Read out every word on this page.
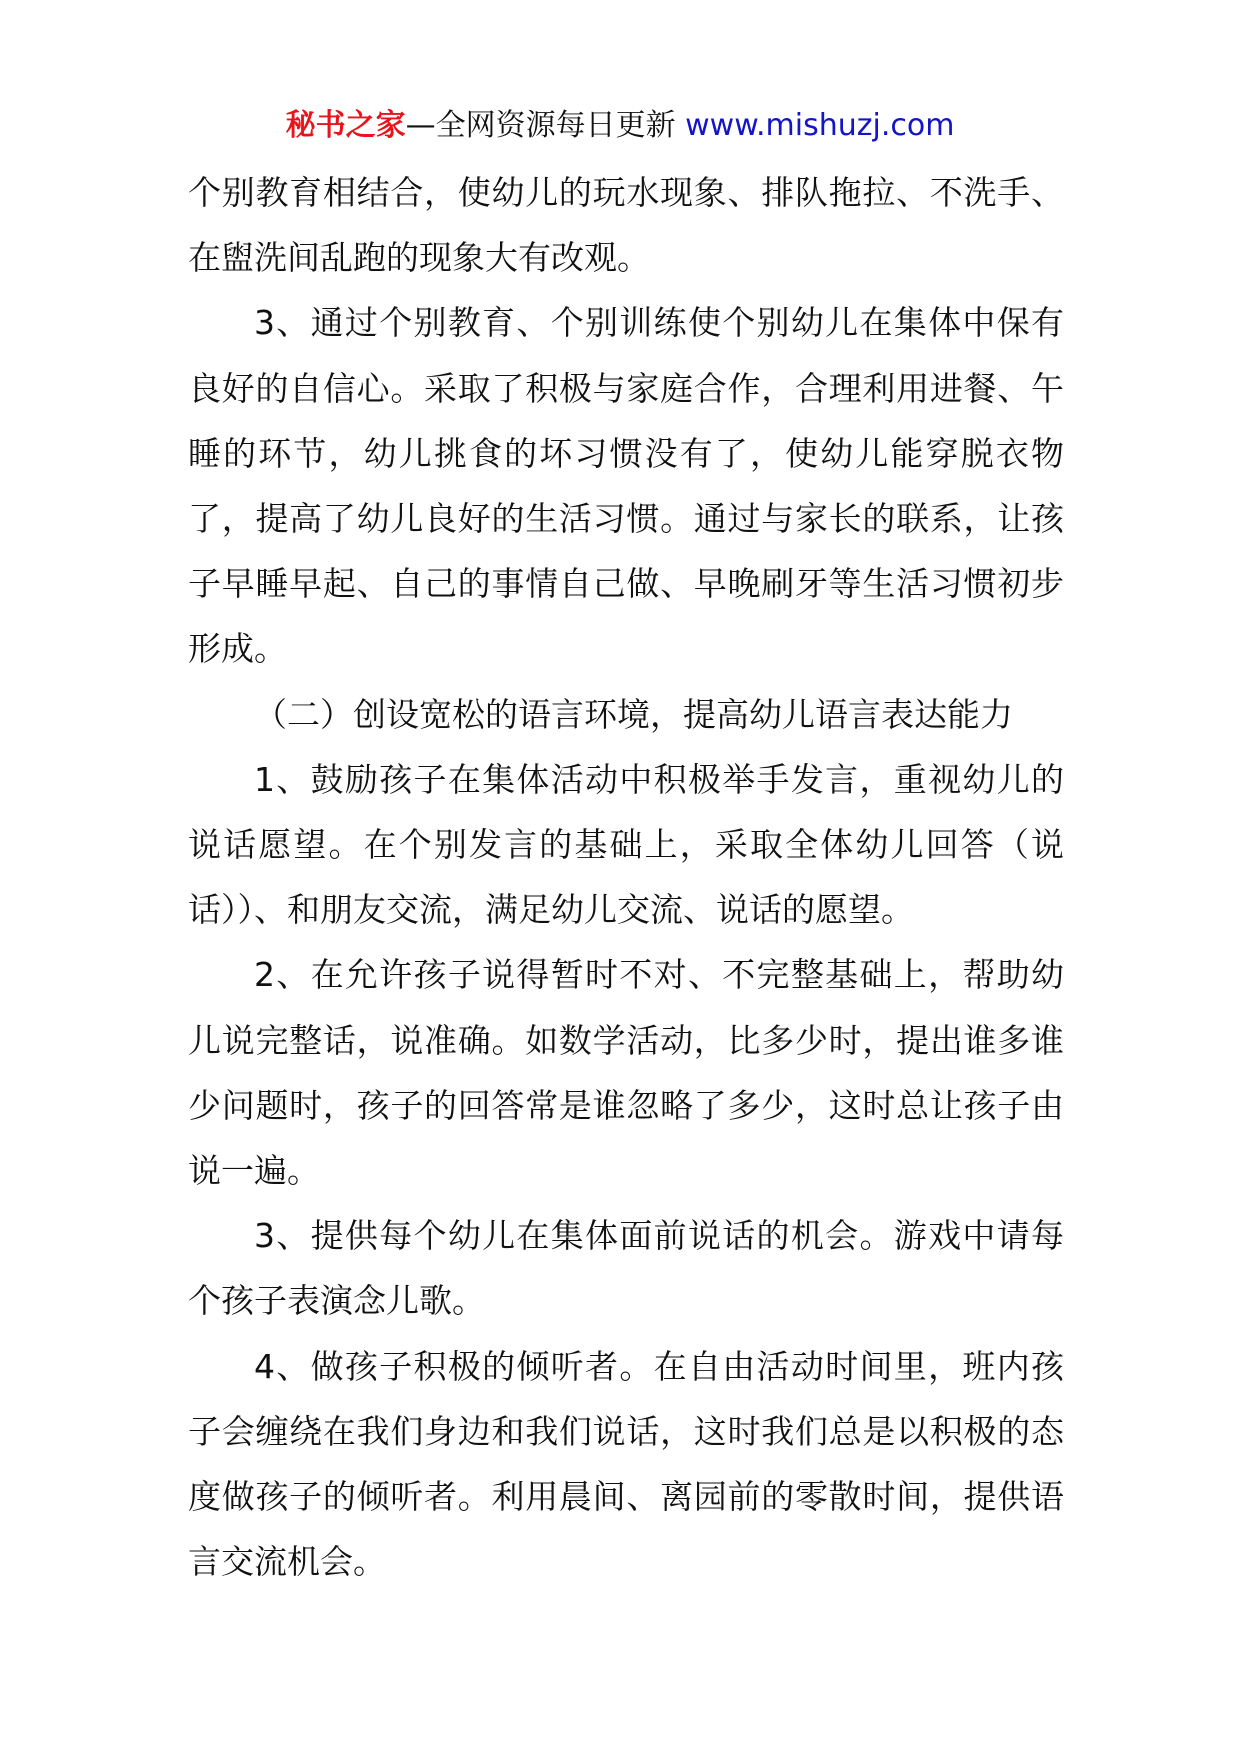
秘书之家—全网资源每日更新 www.mishuzj.com

个别教育相结合，使幼儿的玩水现象、排队拖拉、不洗手、在盥洗间乱跑的现象大有改观。

3、通过个别教育、个别训练使个别幼儿在集体中保有良好的自信心。采取了积极与家庭合作，合理利用进餐、午睡的环节，幼儿挑食的坏习惯没有了，使幼儿能穿脱衣物了，提高了幼儿良好的生活习惯。通过与家长的联系，让孩子早睡早起、自己的事情自己做、早晚刷牙等生活习惯初步形成。

（二）创设宽松的语言环境，提高幼儿语言表达能力

1、鼓励孩子在集体活动中积极举手发言，重视幼儿的说话愿望。在个别发言的基础上，采取全体幼儿回答（说话））、和朋友交流，满足幼儿交流、说话的愿望。

2、在允许孩子说得暂时不对、不完整基础上，帮助幼儿说完整话，说准确。如数学活动，比多少时，提出谁多谁少问题时，孩子的回答常是谁忽略了多少，这时总让孩子由说一遍。

3、提供每个幼儿在集体面前说话的机会。游戏中请每个孩子表演念儿歌。

4、做孩子积极的倾听者。在自由活动时间里，班内孩子会缠绕在我们身边和我们说话，这时我们总是以积极的态度做孩子的倾听者。利用晨间、离园前的零散时间，提供语言交流机会。
